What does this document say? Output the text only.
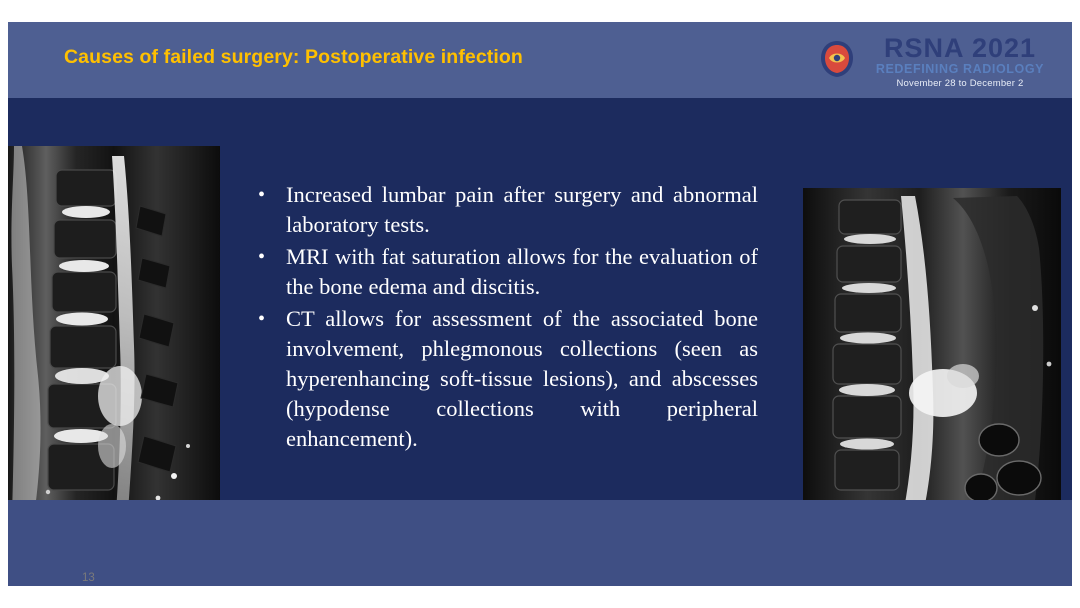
Causes of failed surgery: Postoperative infection	RSNA 2021
REDEFINING RADIOLOGY
November 28 to December 2
• Increased lumbar pain after surgery and abnormal laboratory tests.
• MRI with fat saturation allows for the evaluation of the bone edema and discitis.
• CT allows for assessment of the associated bone involvement, phlegmonous collections (seen as hyperenhancing soft-tissue lesions), and abscesses (hypodense collections with peripheral enhancement).
13
